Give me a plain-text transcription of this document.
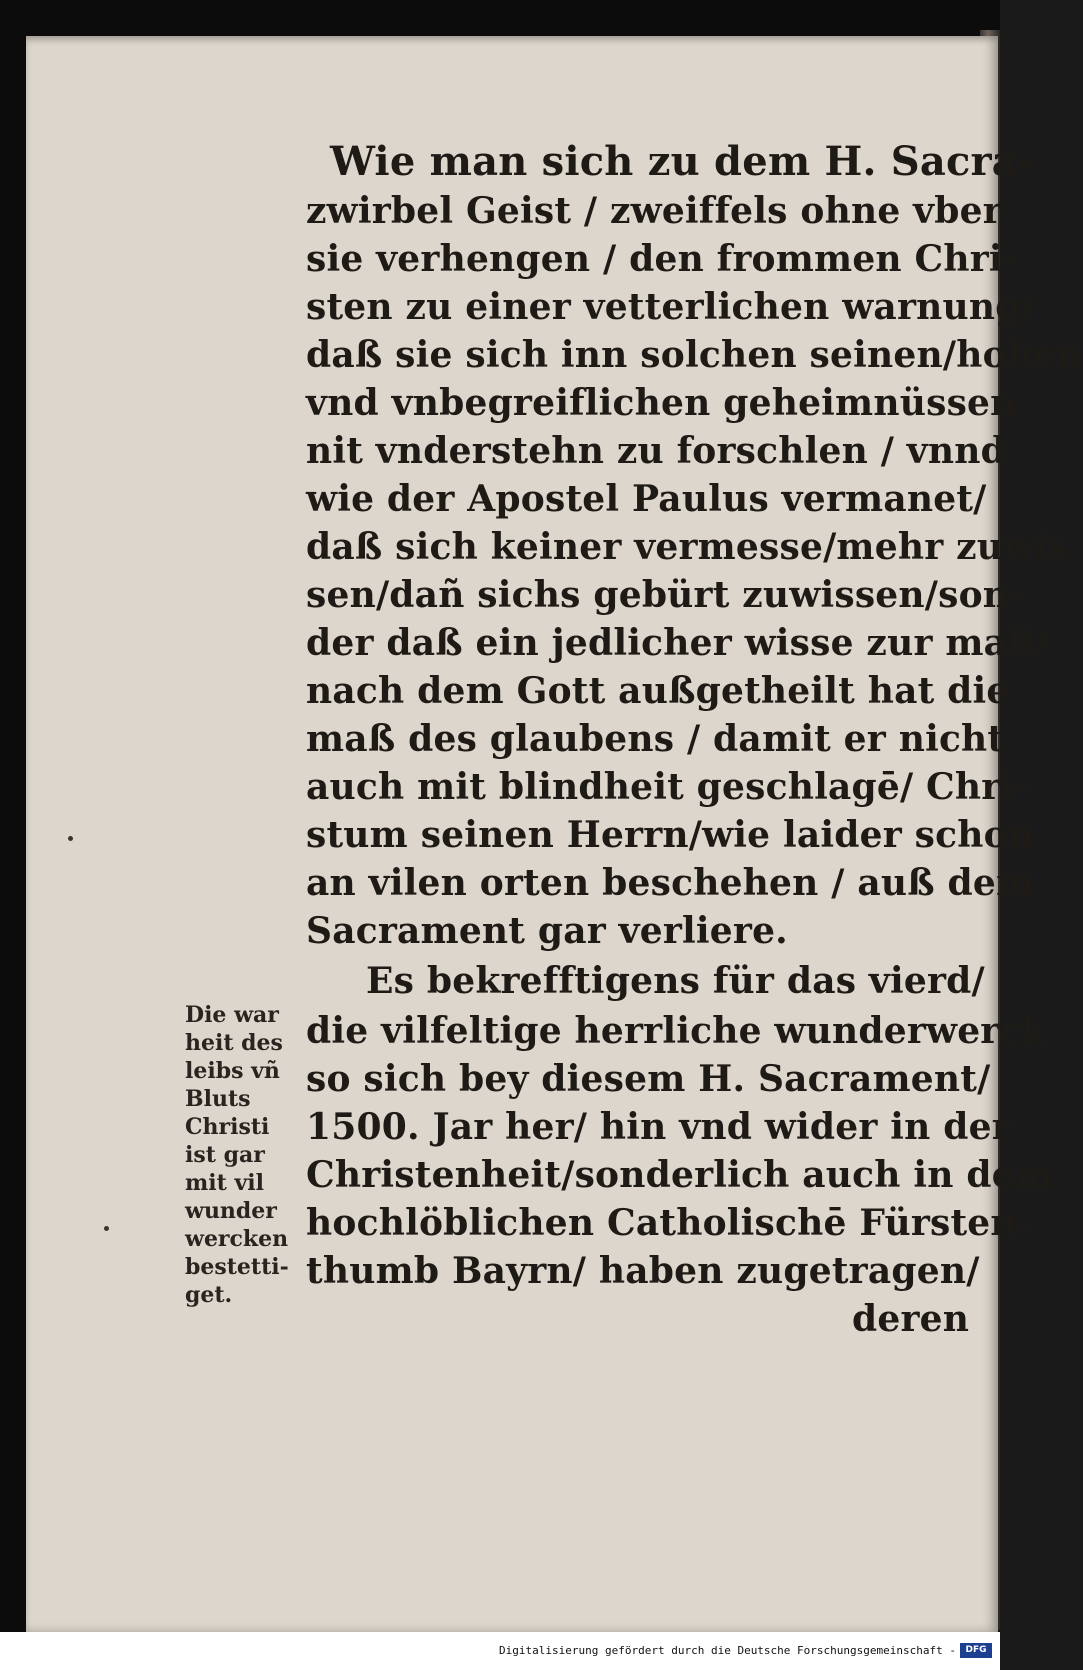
Wie man sich zu dem H. Sacra-
zwirbel Geist / zweiffels ohne vber
sie verhengen / den frommen Chri-
sten zu einer vetterlichen warnung/
daß sie sich inn solchen seinen/hohen
vnd vnbegreiflichen geheimnüssen
nit vnderstehn zu forschlen / vnnd
wie der Apostel Paulus vermanet/
daß sich keiner vermesse/mehr zuwis
sen/dañ sichs gebürt zuwissen/son-
der daß ein jedlicher wisse zur maß/
nach dem Gott außgetheilt hat die
maß des glaubens / damit er nicht
auch mit blindheit geschlagē/ Chri-
stum seinen Herrn/wie laider schon
an vilen orten beschehen / auß dem
Sacrament gar verliere.
Es bekrefftigens für das vierd/
die vilfeltige herrliche wunderwerck
so sich bey diesem H. Sacrament/
1500. Jar her/ hin vnd wider in der
Christenheit/sonderlich auch in dem
hochlöblichen Catholischē Fürsten-
thumb Bayrn/ haben zugetragen/
deren
Die war
heit des
leibs vñ
Bluts
Christi
ist gar
mit vil
wunder
wercken
bestetti-
get.
Digitalisierung gefördert durch die Deutsche Forschungsgemeinschaft -	DFG
